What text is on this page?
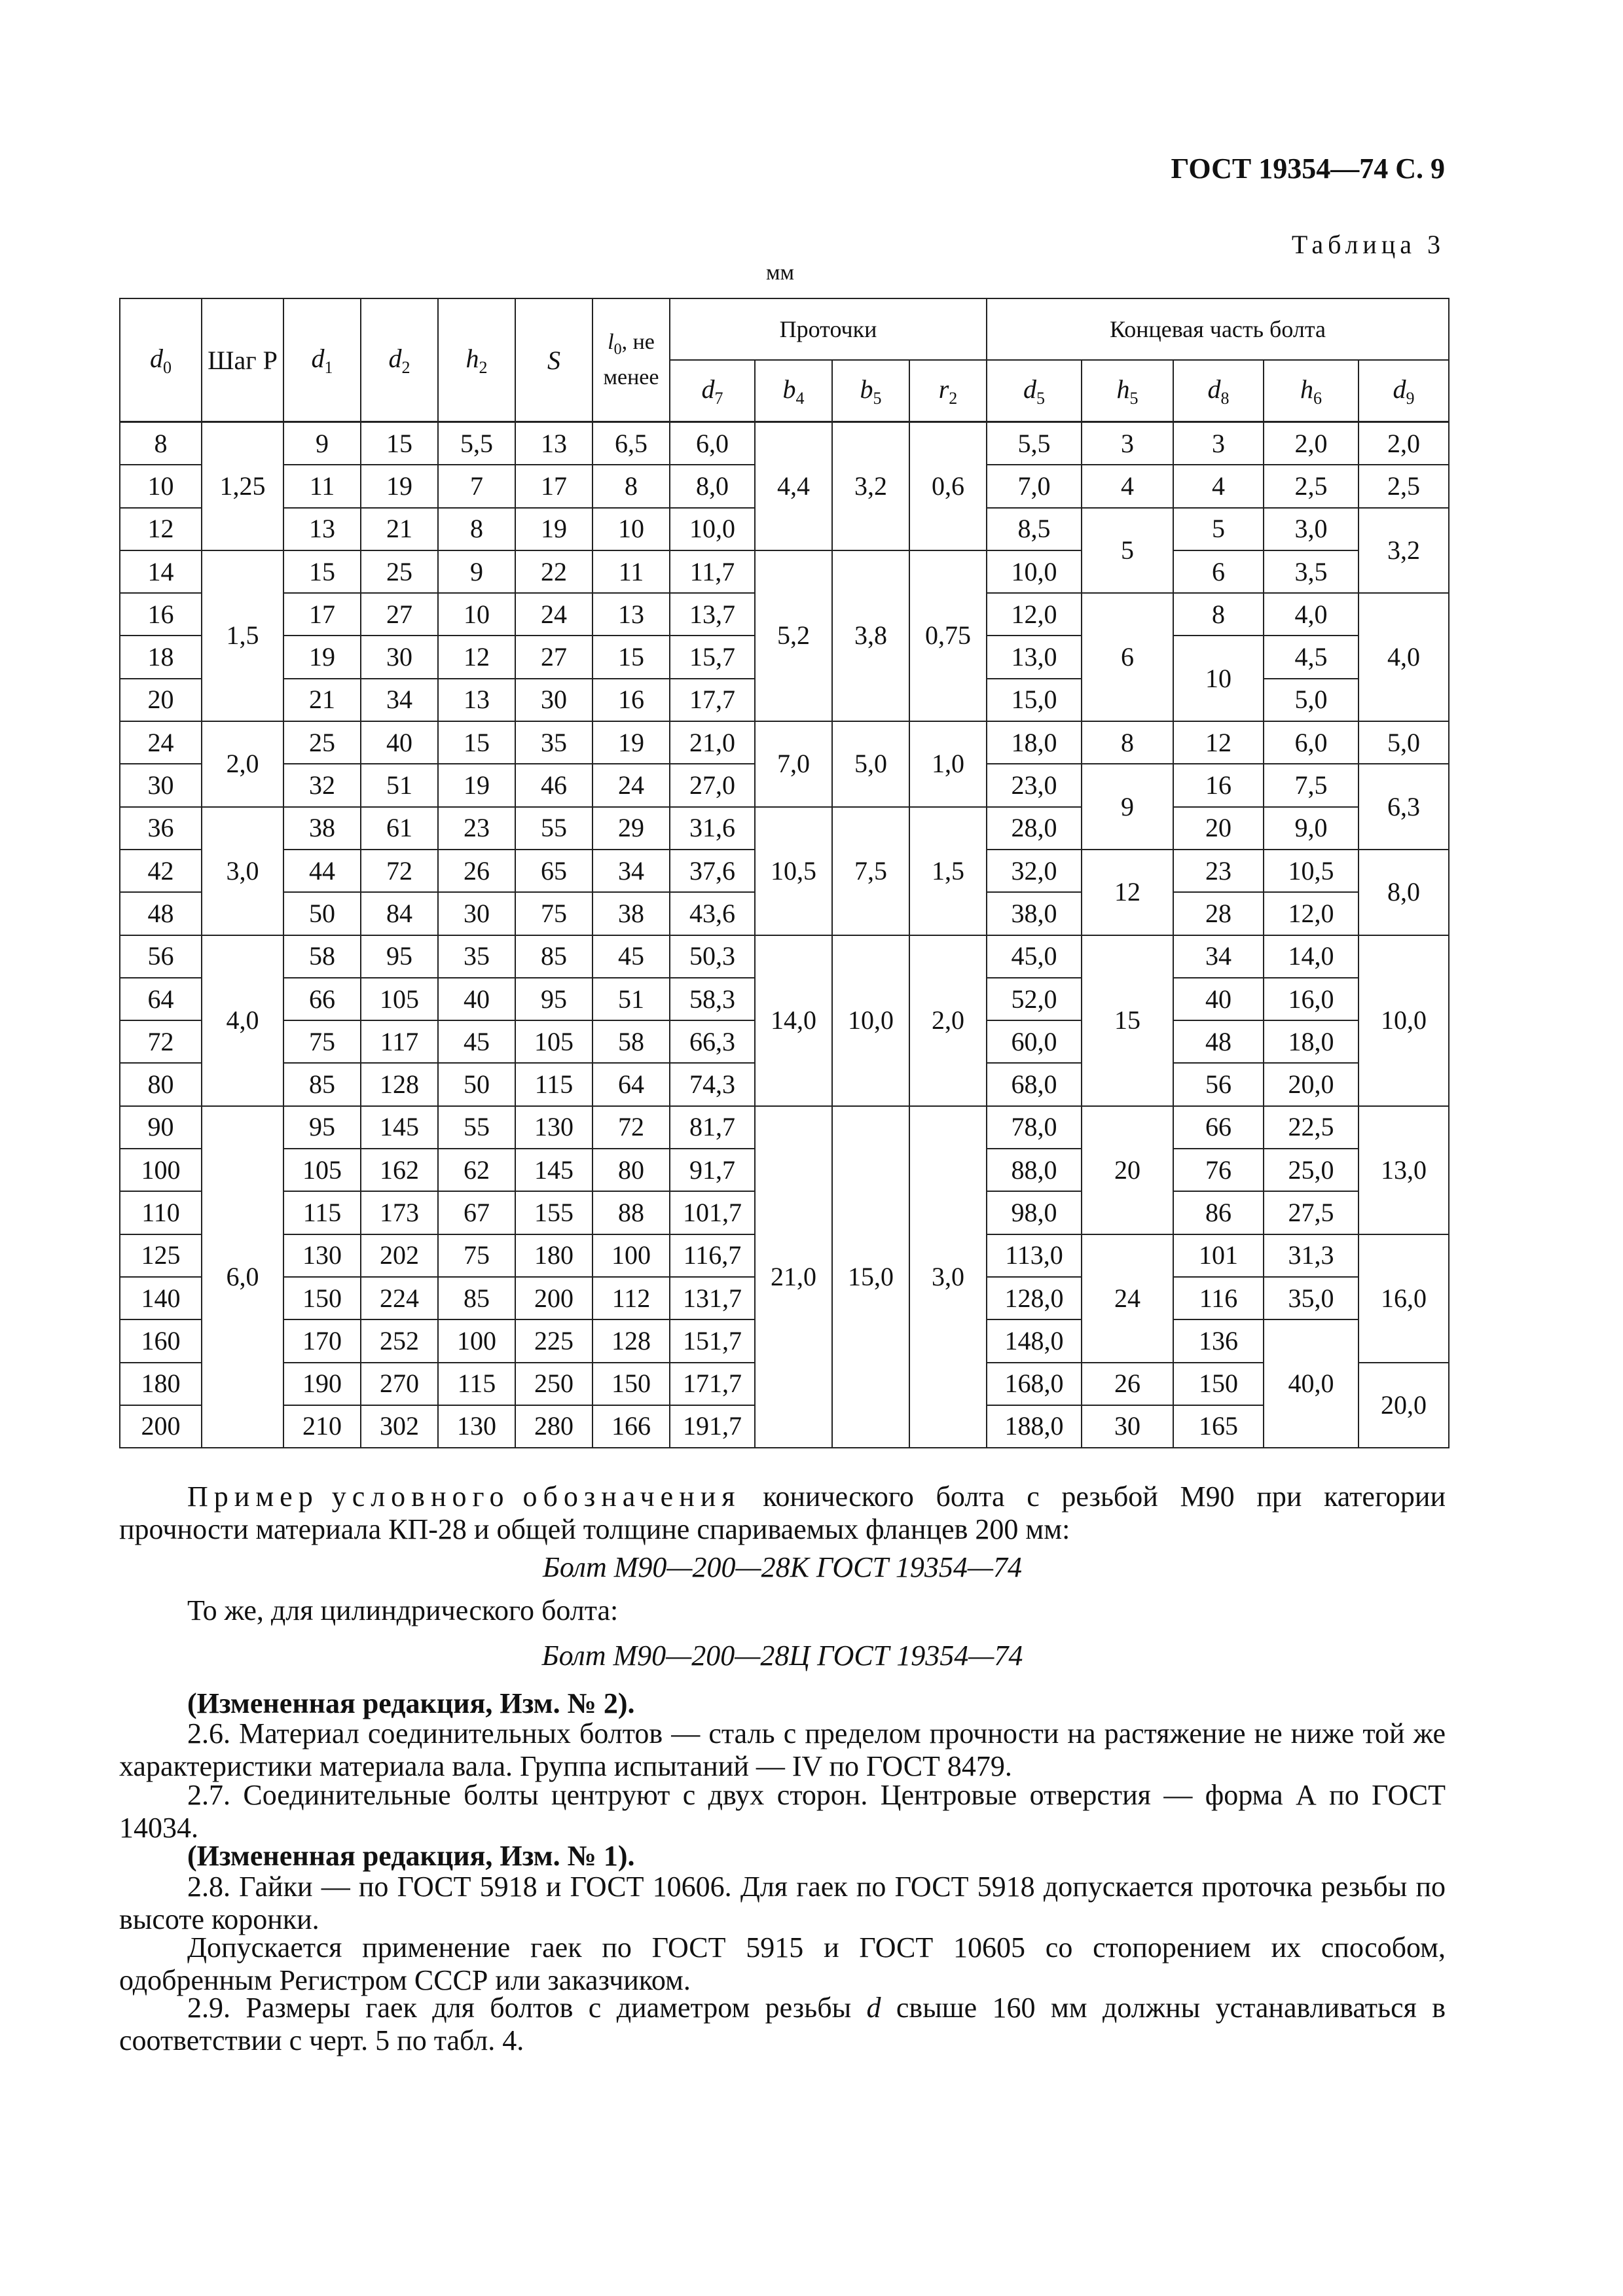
ГОСТ 19354—74 С. 9
Таблица 3
мм
$d_0$	Шаг P	$d_1$	$d_2$	$h_2$	S	$l_0$, не менее	Проточки				Концевая часть болта				
							$d_7$	$b_4$	$b_5$	$r_2$	$d_5$	$h_5$	$d_8$	$h_6$	$d_9$
8	1,25	9	15	5,5	13	6,5	6,0	4,4	3,2	0,6	5,5	3	3	2,0	2,0
10		11	19	7	17	8	8,0				7,0	4	4	2,5	2,5
12		13	21	8	19	10	10,0				8,5	5	5	3,0	3,2
14	1,5	15	25	9	22	11	11,7	5,2	3,8	0,75	10,0		6	3,5	
16		17	27	10	24	13	13,7				12,0	6	8	4,0	4,0
18		19	30	12	27	15	15,7				13,0		10	4,5	
20		21	34	13	30	16	17,7				15,0			5,0	
24	2,0	25	40	15	35	19	21,0	7,0	5,0	1,0	18,0	8	12	6,0	5,0
30		32	51	19	46	24	27,0				23,0	9	16	7,5	6,3
36	3,0	38	61	23	55	29	31,6	10,5	7,5	1,5	28,0		20	9,0	
42		44	72	26	65	34	37,6				32,0	12	23	10,5	8,0
48		50	84	30	75	38	43,6				38,0		28	12,0	
56	4,0	58	95	35	85	45	50,3	14,0	10,0	2,0	45,0	15	34	14,0	10,0
64		66	105	40	95	51	58,3				52,0		40	16,0	
72		75	117	45	105	58	66,3				60,0		48	18,0	
80		85	128	50	115	64	74,3				68,0		56	20,0	
90	6,0	95	145	55	130	72	81,7	21,0	15,0	3,0	78,0	20	66	22,5	13,0
100		105	162	62	145	80	91,7				88,0		76	25,0	
110		115	173	67	155	88	101,7				98,0		86	27,5	
125		130	202	75	180	100	116,7				113,0	24	101	31,3	16,0
140		150	224	85	200	112	131,7				128,0		116	35,0	
160		170	252	100	225	128	151,7				148,0		136	40,0	
180		190	270	115	250	150	171,7				168,0	26	150		20,0
200		210	302	130	280	166	191,7				188,0	30	165		
Пример условного обозначения конического болта с резьбой М90 при категории прочности материала КП-28 и общей толщине спариваемых фланцев 200 мм:
Болт М90—200—28К ГОСТ 19354—74
То же, для цилиндрического болта:
Болт М90—200—28Ц ГОСТ 19354—74
(Измененная редакция, Изм. № 2).
2.6. Материал соединительных болтов — сталь с пределом прочности на растяжение не ниже той же характеристики материала вала. Группа испытаний — IV по ГОСТ 8479.
2.7. Соединительные болты центруют с двух сторон. Центровые отверстия — форма А по ГОСТ 14034.
(Измененная редакция, Изм. № 1).
2.8. Гайки — по ГОСТ 5918 и ГОСТ 10606. Для гаек по ГОСТ 5918 допускается проточка резьбы по высоте коронки.
Допускается применение гаек по ГОСТ 5915 и ГОСТ 10605 со стопорением их способом, одобренным Регистром СССР или заказчиком.
2.9. Размеры гаек для болтов с диаметром резьбы d свыше 160 мм должны устанавливаться в соответствии с черт. 5 по табл. 4.
